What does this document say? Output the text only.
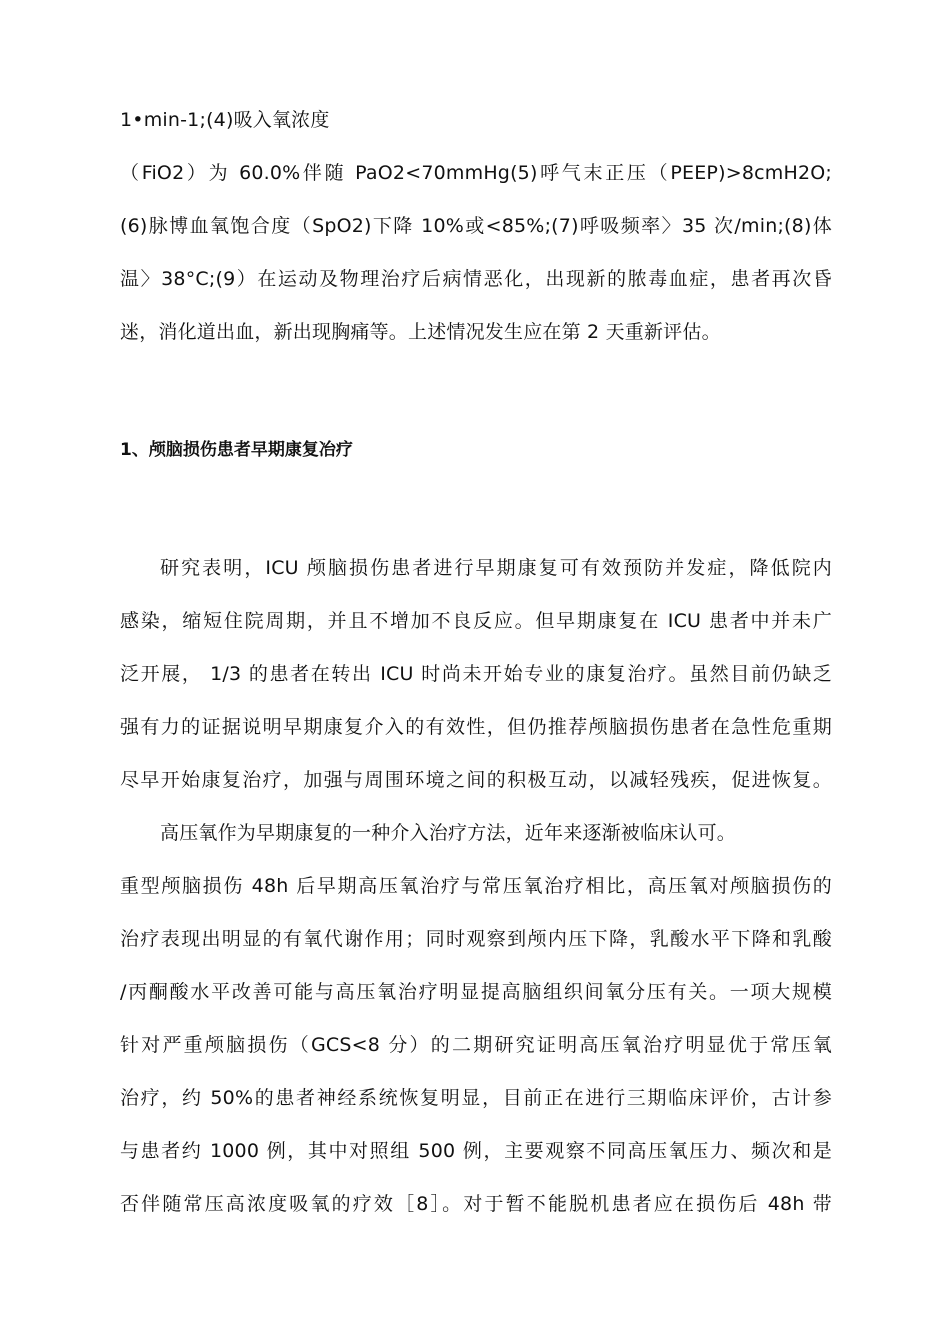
1•min-1;(4)吸入氧浓度
（FiO2）为 60.0%伴随 PaO2<70mmHg(5)呼气末正压（PEEP)>8cmH2O;
(6)脉博血氧饱合度（SpO2)下降 10%或<85%;(7)呼吸频率〉35 次/min;(8)体
温〉38°C;(9）在运动及物理治疗后病情恶化，出现新的脓毒血症，患者再次昏
迷，消化道出血，新出现胸痛等。上述情况发生应在第 2 天重新评估。
1、颅脑损伤患者早期康复冶疗
研究表明，ICU 颅脑损伤患者进行早期康复可有效预防并发症，降低院内
感染，缩短住院周期，并且不增加不良反应。但早期康复在 ICU 患者中并未广
泛开展， 1/3 的患者在转出 ICU 时尚未开始专业的康复治疗。虽然目前仍缺乏
强有力的证据说明早期康复介入的有效性，但仍推荐颅脑损伤患者在急性危重期
尽早开始康复治疗，加强与周围环境之间的积极互动，以减轻残疾，促进恢复。
高压氧作为早期康复的一种介入治疗方法，近年来逐渐被临床认可。
重型颅脑损伤 48h 后早期高压氧治疗与常压氧治疗相比，高压氧对颅脑损伤的
治疗表现出明显的有氧代谢作用；同时观察到颅内压下降，乳酸水平下降和乳酸
/丙酮酸水平改善可能与高压氧治疗明显提高脑组织间氧分压有关。一项大规模
针对严重颅脑损伤（GCS<8 分）的二期研究证明高压氧治疗明显优于常压氧
治疗，约 50%的患者神经系统恢复明显，目前正在进行三期临床评价，古计参
与患者约 1000 例，其中对照组 500 例，主要观察不同高压氧压力、频次和是
否伴随常压高浓度吸氧的疗效［8］。对于暂不能脱机患者应在损伤后 48h 带
